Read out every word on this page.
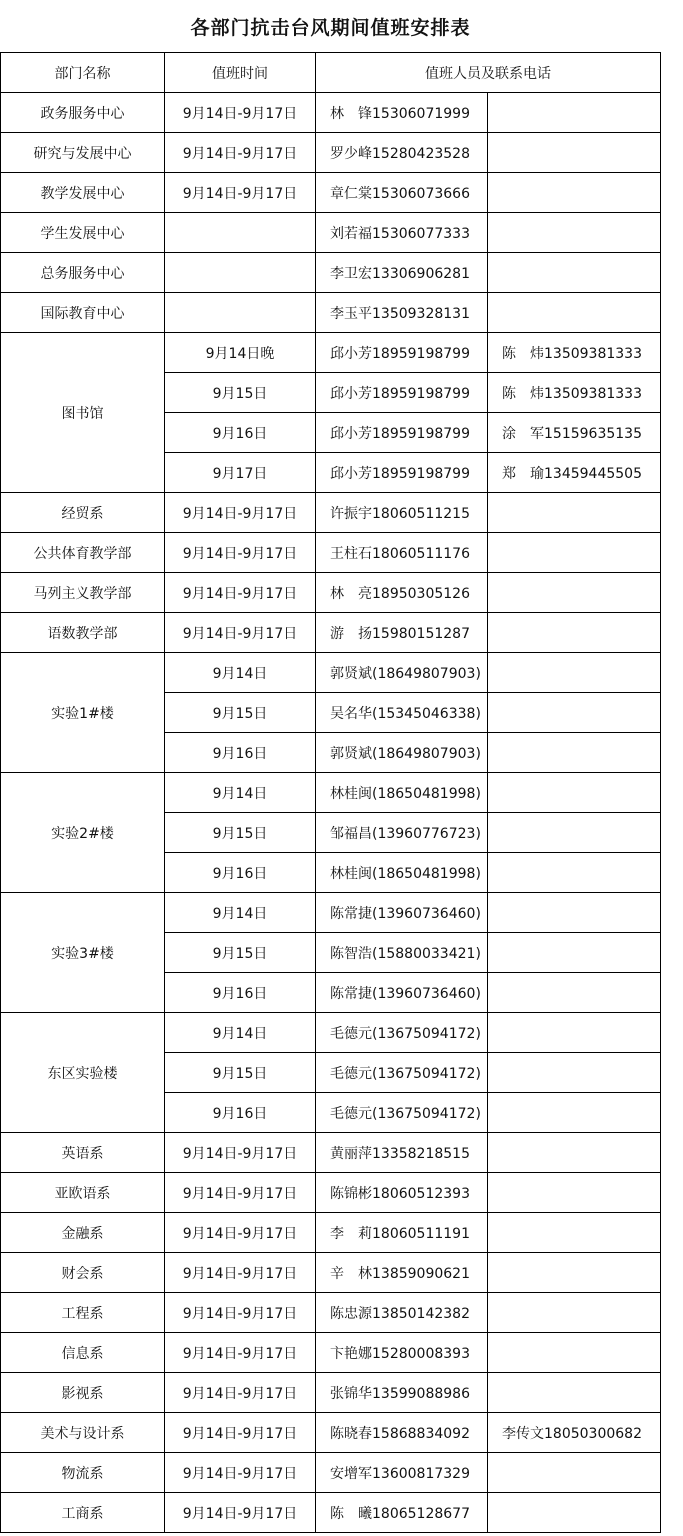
各部门抗击台风期间值班安排表			
部门名称	值班时间	值班人员及联系电话	
政务服务中心	9月14日-9月17日	林　锋15306071999	
研究与发展中心	9月14日-9月17日	罗少峰15280423528	
教学发展中心	9月14日-9月17日	章仁棠15306073666	
学生发展中心		刘若福15306077333	
总务服务中心		李卫宏13306906281	
国际教育中心		李玉平13509328131	
图书馆	9月14日晚	邱小芳18959198799	陈　炜13509381333
	9月15日	邱小芳18959198799	陈　炜13509381333
	9月16日	邱小芳18959198799	涂　军15159635135
	9月17日	邱小芳18959198799	郑　瑜13459445505
经贸系	9月14日-9月17日	许振宇18060511215	
公共体育教学部	9月14日-9月17日	王柱石18060511176	
马列主义教学部	9月14日-9月17日	林　亮18950305126	
语数教学部	9月14日-9月17日	游　扬15980151287	
实验1#楼	9月14日	郭贤斌(18649807903)	
	9月15日	吴名华(15345046338)	
	9月16日	郭贤斌(18649807903)	
实验2#楼	9月14日	林桂闽(18650481998)	
	9月15日	邹福昌(13960776723)	
	9月16日	林桂闽(18650481998)	
实验3#楼	9月14日	陈常捷(13960736460)	
	9月15日	陈智浩(15880033421)	
	9月16日	陈常捷(13960736460)	
东区实验楼	9月14日	毛德元(13675094172)	
	9月15日	毛德元(13675094172)	
	9月16日	毛德元(13675094172)	
英语系	9月14日-9月17日	黄丽萍13358218515	
亚欧语系	9月14日-9月17日	陈锦彬18060512393	
金融系	9月14日-9月17日	李　莉18060511191	
财会系	9月14日-9月17日	辛　林13859090621	
工程系	9月14日-9月17日	陈忠源13850142382	
信息系	9月14日-9月17日	卞艳娜15280008393	
影视系	9月14日-9月17日	张锦华13599088986	
美术与设计系	9月14日-9月17日	陈晓春15868834092	李传文18050300682
物流系	9月14日-9月17日	安增军13600817329	
工商系	9月14日-9月17日	陈　曦18065128677	
